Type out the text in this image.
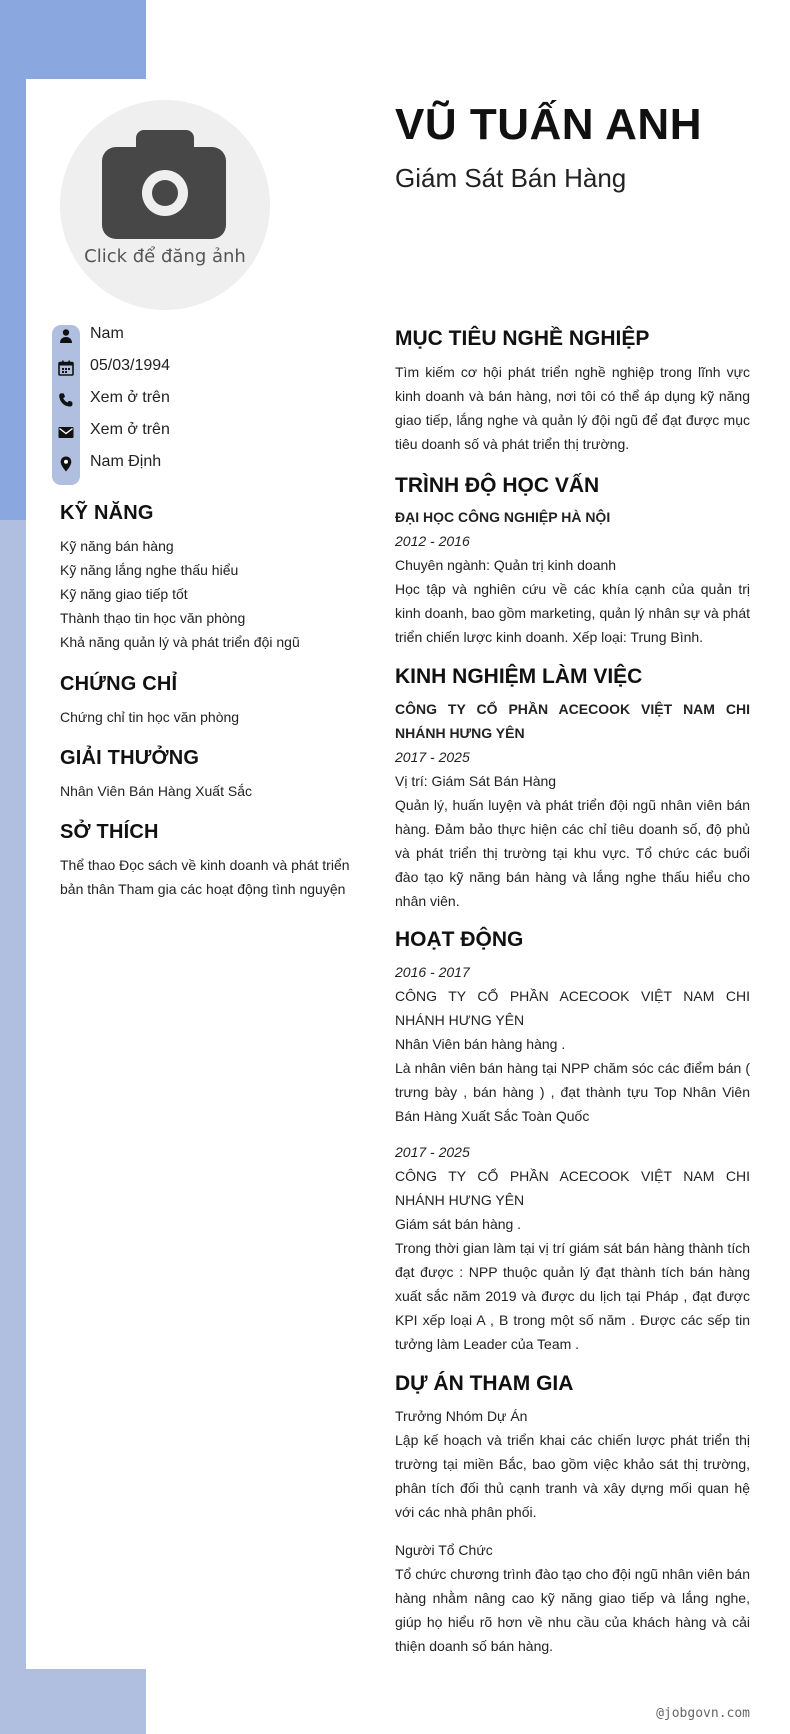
Click để đăng ảnh
Nam
05/03/1994
Xem ở trên
Xem ở trên
Nam Định
KỸ NĂNG
Kỹ năng bán hàng
Kỹ năng lắng nghe thấu hiểu
Kỹ năng giao tiếp tốt
Thành thạo tin học văn phòng
Khả năng quản lý và phát triển đội ngũ
CHỨNG CHỈ
Chứng chỉ tin học văn phòng
GIẢI THƯỞNG
Nhân Viên Bán Hàng Xuất Sắc
SỞ THÍCH
Thể thao Đọc sách về kinh doanh và phát triển
bản thân Tham gia các hoạt động tình nguyện
VŨ TUẤN ANH
Giám Sát Bán Hàng
MỤC TIÊU NGHỀ NGHIỆP
Tìm kiếm cơ hội phát triển nghề nghiệp trong lĩnh vực kinh doanh và bán hàng, nơi tôi có thể áp dụng kỹ năng giao tiếp, lắng nghe và quản lý đội ngũ để đạt được mục tiêu doanh số và phát triển thị trường.
TRÌNH ĐỘ HỌC VẤN
ĐẠI HỌC CÔNG NGHIỆP HÀ NỘI
2012 - 2016
Chuyên ngành: Quản trị kinh doanh
Học tập và nghiên cứu về các khía cạnh của quản trị kinh doanh, bao gồm marketing, quản lý nhân sự và phát triển chiến lược kinh doanh. Xếp loại: Trung Bình.
KINH NGHIỆM LÀM VIỆC
CÔNG TY CỔ PHẦN ACECOOK VIỆT NAM CHI NHÁNH HƯNG YÊN
2017 - 2025
Vị trí: Giám Sát Bán Hàng
Quản lý, huấn luyện và phát triển đội ngũ nhân viên bán hàng. Đảm bảo thực hiện các chỉ tiêu doanh số, độ phủ và phát triển thị trường tại khu vực. Tổ chức các buổi đào tạo kỹ năng bán hàng và lắng nghe thấu hiểu cho nhân viên.
HOẠT ĐỘNG
2016 - 2017
CÔNG TY CỔ PHẦN ACECOOK VIỆT NAM CHI NHÁNH HƯNG YÊN
Nhân Viên bán hàng hàng .
Là nhân viên bán hàng tại NPP chăm sóc các điểm bán ( trưng bày , bán hàng ) , đạt thành tựu Top Nhân Viên Bán Hàng Xuất Sắc Toàn Quốc
2017 - 2025
CÔNG TY CỔ PHẦN ACECOOK VIỆT NAM CHI NHÁNH HƯNG YÊN
Giám sát bán hàng .
Trong thời gian làm tại vị trí giám sát bán hàng thành tích đạt được : NPP thuộc quản lý đạt thành tích bán hàng xuất sắc năm 2019 và được du lịch tại Pháp , đạt được KPI xếp loại A , B trong một số năm . Được các sếp tin tưởng làm Leader của Team .
DỰ ÁN THAM GIA
Trưởng Nhóm Dự Án
Lập kế hoạch và triển khai các chiến lược phát triển thị trường tại miền Bắc, bao gồm việc khảo sát thị trường, phân tích đối thủ cạnh tranh và xây dựng mối quan hệ với các nhà phân phối.
Người Tổ Chức
Tổ chức chương trình đào tạo cho đội ngũ nhân viên bán hàng nhằm nâng cao kỹ năng giao tiếp và lắng nghe, giúp họ hiểu rõ hơn về nhu cầu của khách hàng và cải thiện doanh số bán hàng.
@jobgovn.com
